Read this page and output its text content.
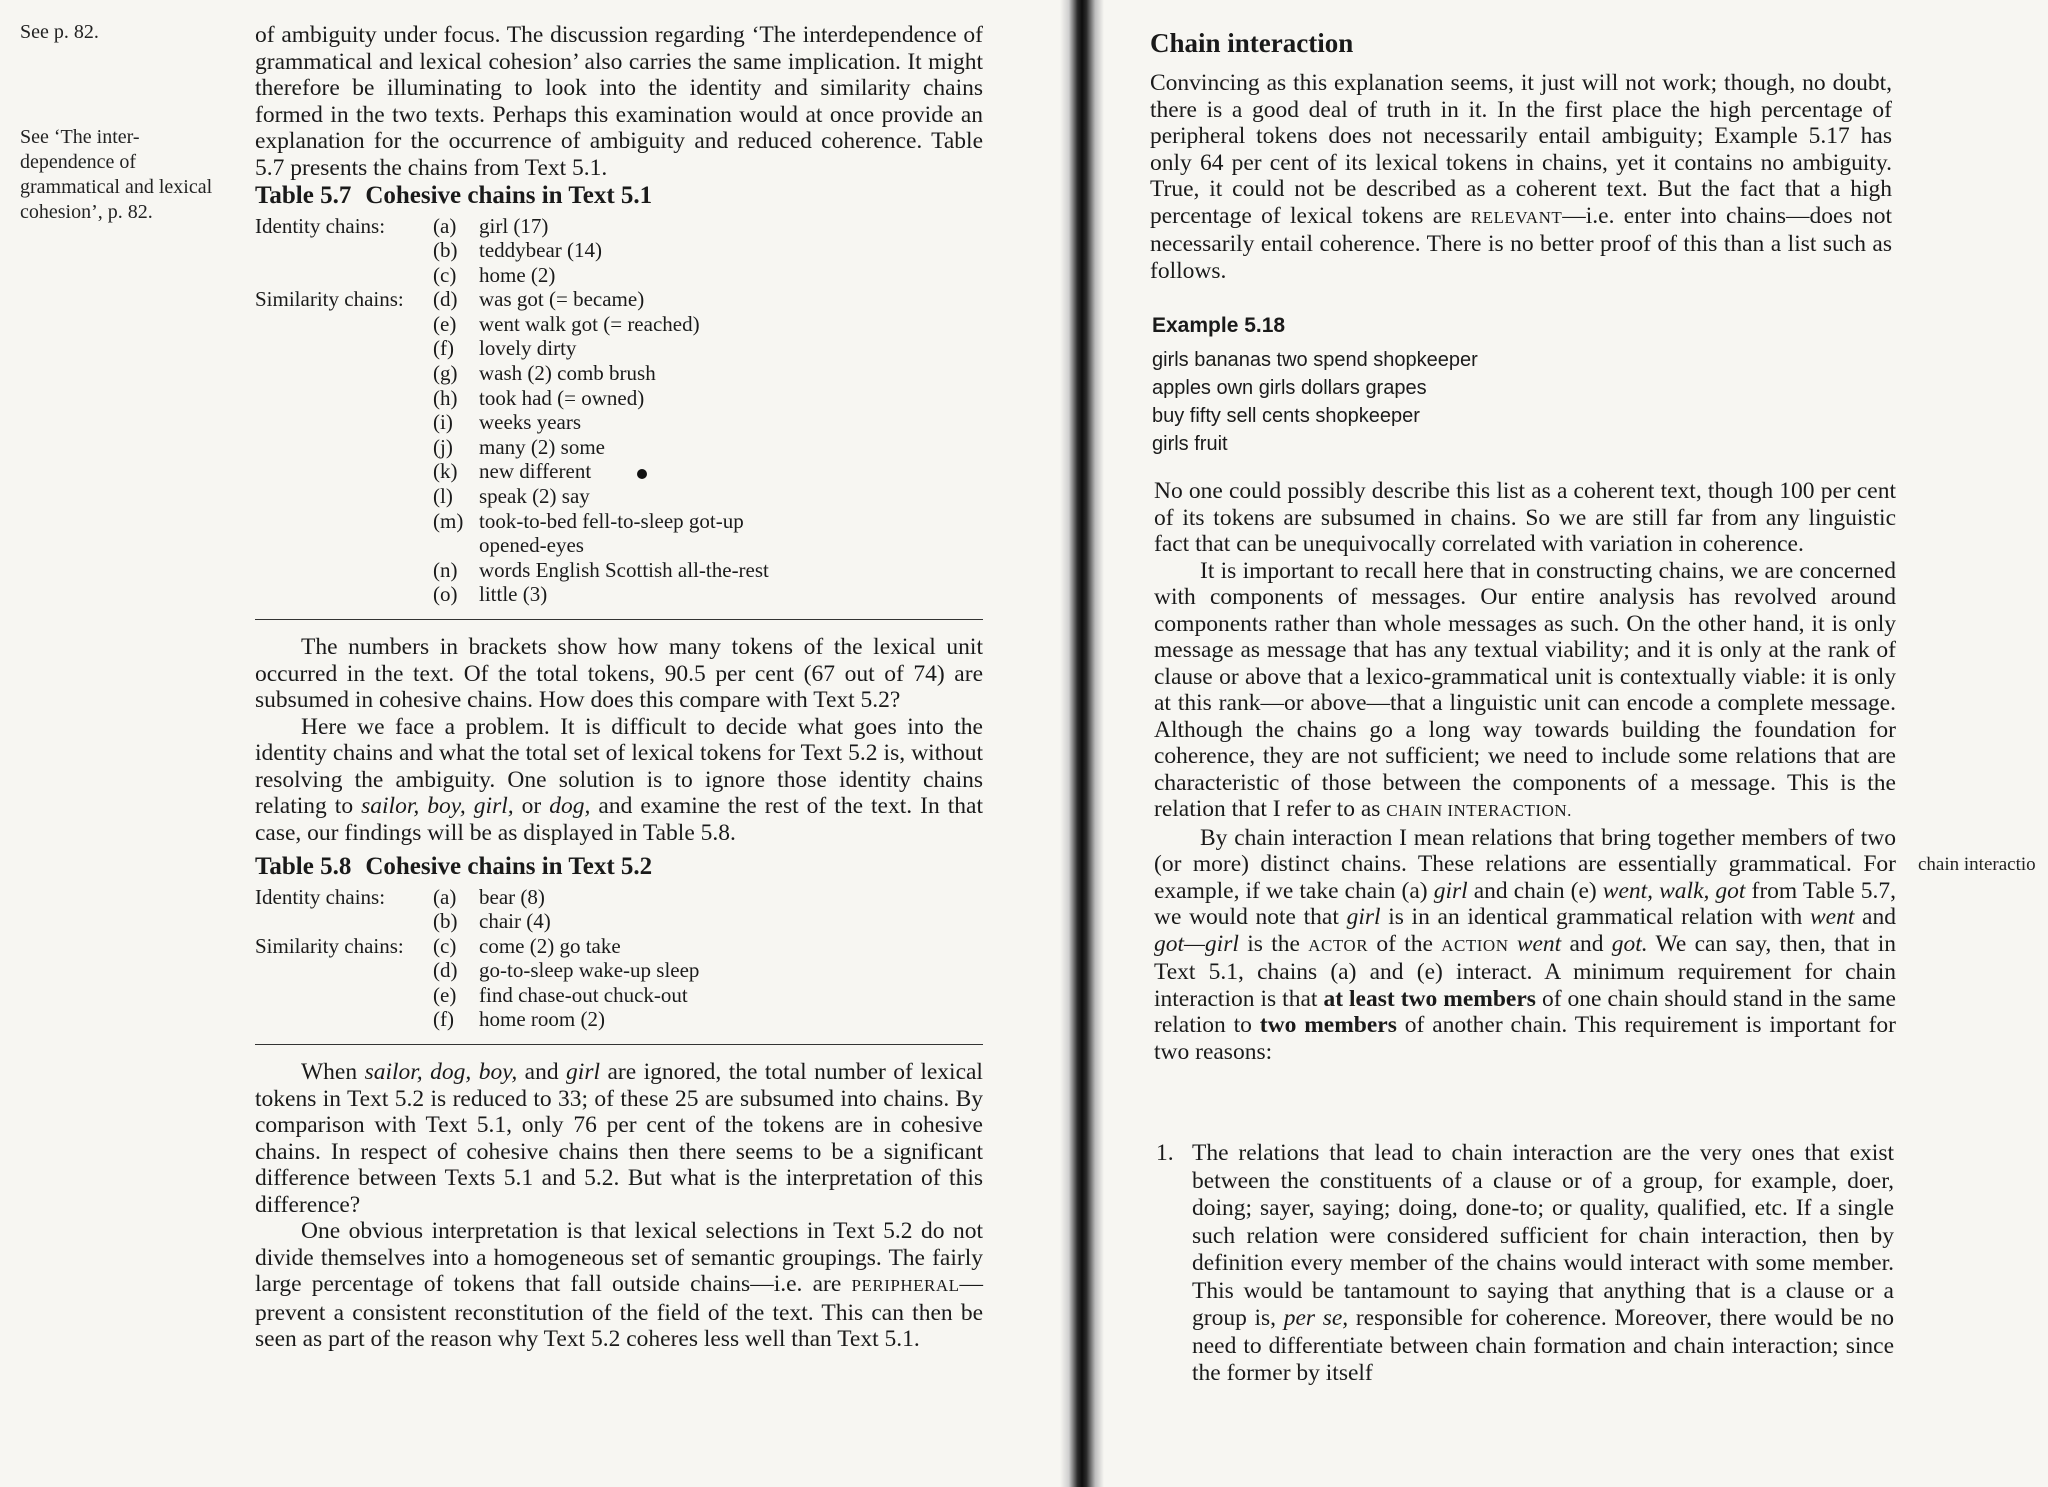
See p. 82.
See ‘The inter-
dependence of
grammatical and lexical
cohesion’, p. 82.

of ambiguity under focus. The discussion regarding ‘The interdependence of grammatical and lexical cohesion’ also carries the same implication. It might therefore be illuminating to look into the identity and similarity chains formed in the two texts. Perhaps this examination would at once provide an explanation for the occurrence of ambiguity and reduced coherence. Table 5.7 presents the chains from Text 5.1.

Table 5.7 Cohesive chains in Text 5.1
Identity chains:	(a)	girl (17)
(b)	teddybear (14)
(c)	home (2)
Similarity chains:	(d)	was got (= became)
(e)	went walk got (= reached)
(f)	lovely dirty
(g)	wash (2) comb brush
(h)	took had (= owned)
(i)	weeks years
(j)	many (2) some
(k)	new different
(l)	speak (2) say
(m) took-to-bed fell-to-sleep got-up
opened-eyes
(n)	words English Scottish all-the-rest
(o)	little (3)

The numbers in brackets show how many tokens of the lexical unit occurred in the text. Of the total tokens, 90.5 per cent (67 out of 74) are subsumed in cohesive chains. How does this compare with Text 5.2?

Here we face a problem. It is difficult to decide what goes into the identity chains and what the total set of lexical tokens for Text 5.2 is, without resolving the ambiguity. One solution is to ignore those identity chains relating to sailor, boy, girl, or dog, and examine the rest of the text. In that case, our findings will be as displayed in Table 5.8.

Table 5.8 Cohesive chains in Text 5.2
Identity chains:	(a)	bear (8)
(b)	chair (4)
Similarity chains:	(c)	come (2) go take
(d)	go-to-sleep wake-up sleep
(e)	find chase-out chuck-out
(f)	home room (2)

When sailor, dog, boy, and girl are ignored, the total number of lexical tokens in Text 5.2 is reduced to 33; of these 25 are subsumed into chains. By comparison with Text 5.1, only 76 per cent of the tokens are in cohesive chains. In respect of cohesive chains then there seems to be a significant difference between Texts 5.1 and 5.2. But what is the interpretation of this difference?

One obvious interpretation is that lexical selections in Text 5.2 do not divide themselves into a homogeneous set of semantic groupings. The fairly large percentage of tokens that fall outside chains—i.e. are PERIPHERAL—prevent a consistent reconstitution of the field of the text. This can then be seen as part of the reason why Text 5.2 coheres less well than Text 5.1.

Chain interaction

Convincing as this explanation seems, it just will not work; though, no doubt, there is a good deal of truth in it. In the first place the high percentage of peripheral tokens does not necessarily entail ambiguity; Example 5.17 has only 64 per cent of its lexical tokens in chains, yet it contains no ambiguity. True, it could not be described as a coherent text. But the fact that a high percentage of lexical tokens are RELEVANT—i.e. enter into chains—does not necessarily entail coherence. There is no better proof of this than a list such as follows.

Example 5.18
girls bananas two spend shopkeeper
apples own girls dollars grapes
buy fifty sell cents shopkeeper
girls fruit

No one could possibly describe this list as a coherent text, though 100 per cent of its tokens are subsumed in chains. So we are still far from any linguistic fact that can be unequivocally correlated with variation in coherence.

It is important to recall here that in constructing chains, we are concerned with components of messages. Our entire analysis has revolved around components rather than whole messages as such. On the other hand, it is only message as message that has any textual viability; and it is only at the rank of clause or above that a lexico-grammatical unit is contextually viable: it is only at this rank—or above—that a linguistic unit can encode a complete message. Although the chains go a long way towards building the foundation for coherence, they are not sufficient; we need to include some relations that are characteristic of those between the components of a message. This is the relation that I refer to as CHAIN INTERACTION.

By chain interaction I mean relations that bring together members of two (or more) distinct chains. These relations are essentially grammatical. For example, if we take chain (a) girl and chain (e) went, walk, got from Table 5.7, we would note that girl is in an identical grammatical relation with went and got—girl is the ACTOR of the ACTION went and got. We can say, then, that in Text 5.1, chains (a) and (e) interact. A minimum requirement for chain interaction is that at least two members of one chain should stand in the same relation to two members of another chain. This requirement is important for two reasons:

1. The relations that lead to chain interaction are the very ones that exist between the constituents of a clause or of a group, for example, doer, doing; sayer, saying; doing, done-to; or quality, qualified, etc. If a single such relation were considered sufficient for chain interaction, then by definition every member of the chains would interact with some member. This would be tantamount to saying that anything that is a clause or a group is, per se, responsible for coherence. Moreover, there would be no need to differentiate between chain formation and chain interaction; since the former by itself
chain interactio
